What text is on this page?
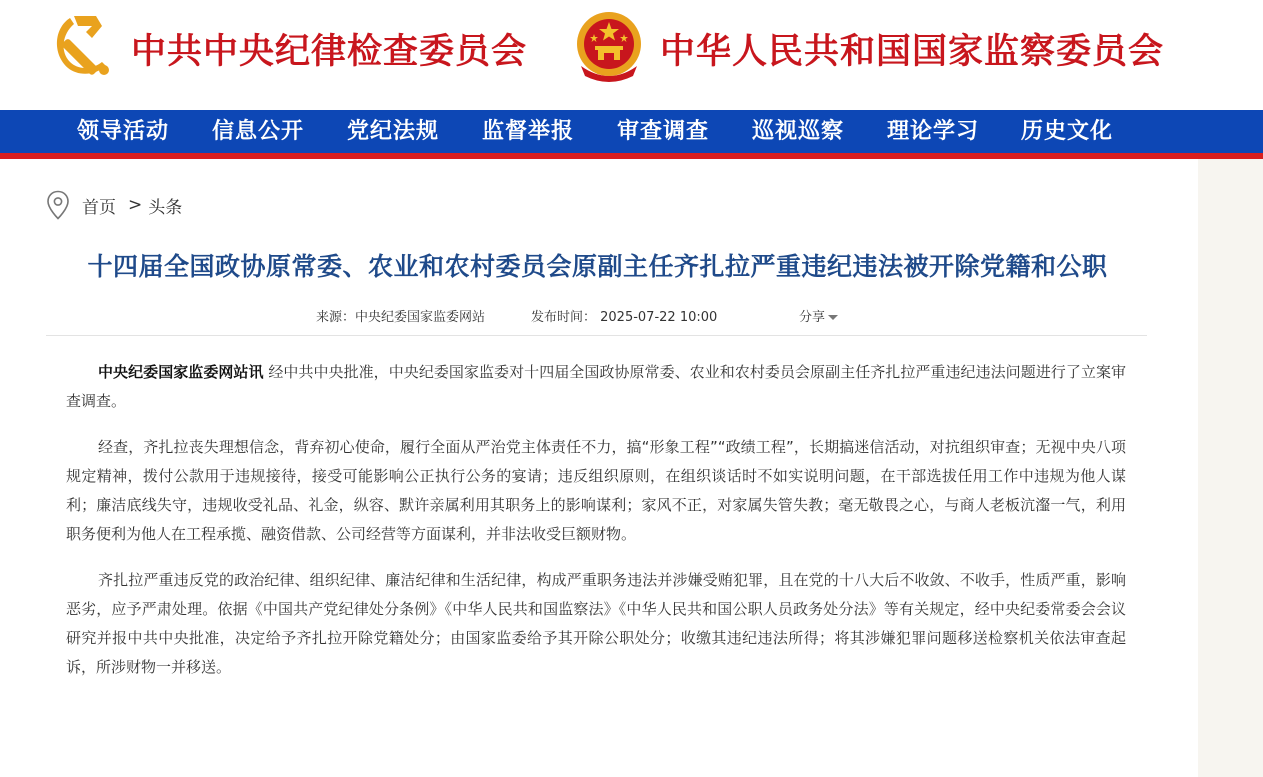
中共中央纪律检查委员会	中华人民共和国国家监察委员会
领导活动 信息公开 党纪法规 监督举报 审查调查 巡视巡察 理论学习 历史文化
首页 > 头条
十四届全国政协原常委、农业和农村委员会原副主任齐扎拉严重违纪违法被开除党籍和公职
来源：中央纪委国家监委网站	发布时间： 2025-07-22 10:00	分享

中央纪委国家监委网站讯 经中共中央批准，中央纪委国家监委对十四届全国政协原常委、农业和农村委员会原副主任齐扎拉严重违纪违法问题进行了立案审查调查。

经查，齐扎拉丧失理想信念，背弃初心使命，履行全面从严治党主体责任不力，搞“形象工程”“政绩工程”，长期搞迷信活动，对抗组织审查；无视中央八项规定精神，拨付公款用于违规接待，接受可能影响公正执行公务的宴请；违反组织原则，在组织谈话时不如实说明问题，在干部选拔任用工作中违规为他人谋利；廉洁底线失守，违规收受礼品、礼金，纵容、默许亲属利用其职务上的影响谋利；家风不正，对家属失管失教；毫无敬畏之心，与商人老板沆瀣一气，利用职务便利为他人在工程承揽、融资借款、公司经营等方面谋利，并非法收受巨额财物。

齐扎拉严重违反党的政治纪律、组织纪律、廉洁纪律和生活纪律，构成严重职务违法并涉嫌受贿犯罪，且在党的十八大后不收敛、不收手，性质严重，影响恶劣，应予严肃处理。依据《中国共产党纪律处分条例》《中华人民共和国监察法》《中华人民共和国公职人员政务处分法》等有关规定，经中央纪委常委会会议研究并报中共中央批准，决定给予齐扎拉开除党籍处分；由国家监委给予其开除公职处分；收缴其违纪违法所得；将其涉嫌犯罪问题移送检察机关依法审查起诉，所涉财物一并移送。
